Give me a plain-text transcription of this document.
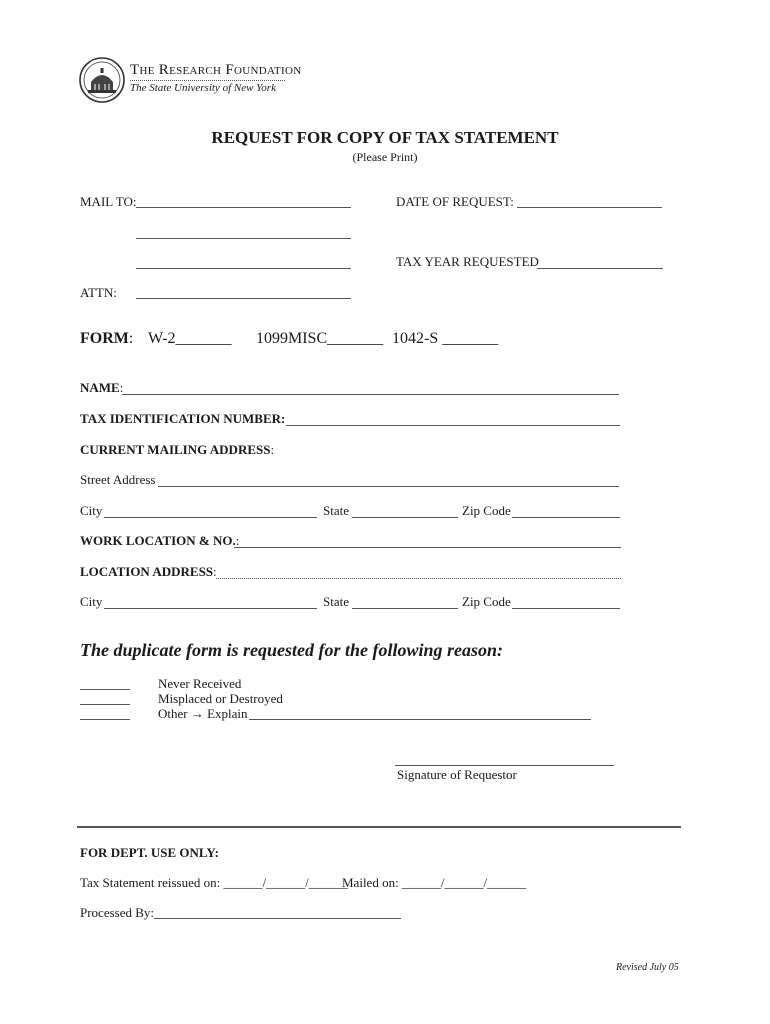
The Research Foundation
The State University of New York
REQUEST FOR COPY OF TAX STATEMENT
(Please Print)
MAIL TO:	DATE OF REQUEST:
TAX YEAR REQUESTED
ATTN:
FORM: W-2_______ 1099MISC_______ 1042-S _______
NAME:
TAX IDENTIFICATION NUMBER:
CURRENT MAILING ADDRESS:
Street Address
City	State	Zip Code
WORK LOCATION & NO.:
LOCATION ADDRESS:
City	State	Zip Code
The duplicate form is requested for the following reason:
Never Received
Misplaced or Destroyed
Other → Explain
Signature of Requestor
FOR DEPT. USE ONLY:
Tax Statement reissued on: ______/______/______
Mailed on: ______/______/______
Processed By:
Revised July 05
